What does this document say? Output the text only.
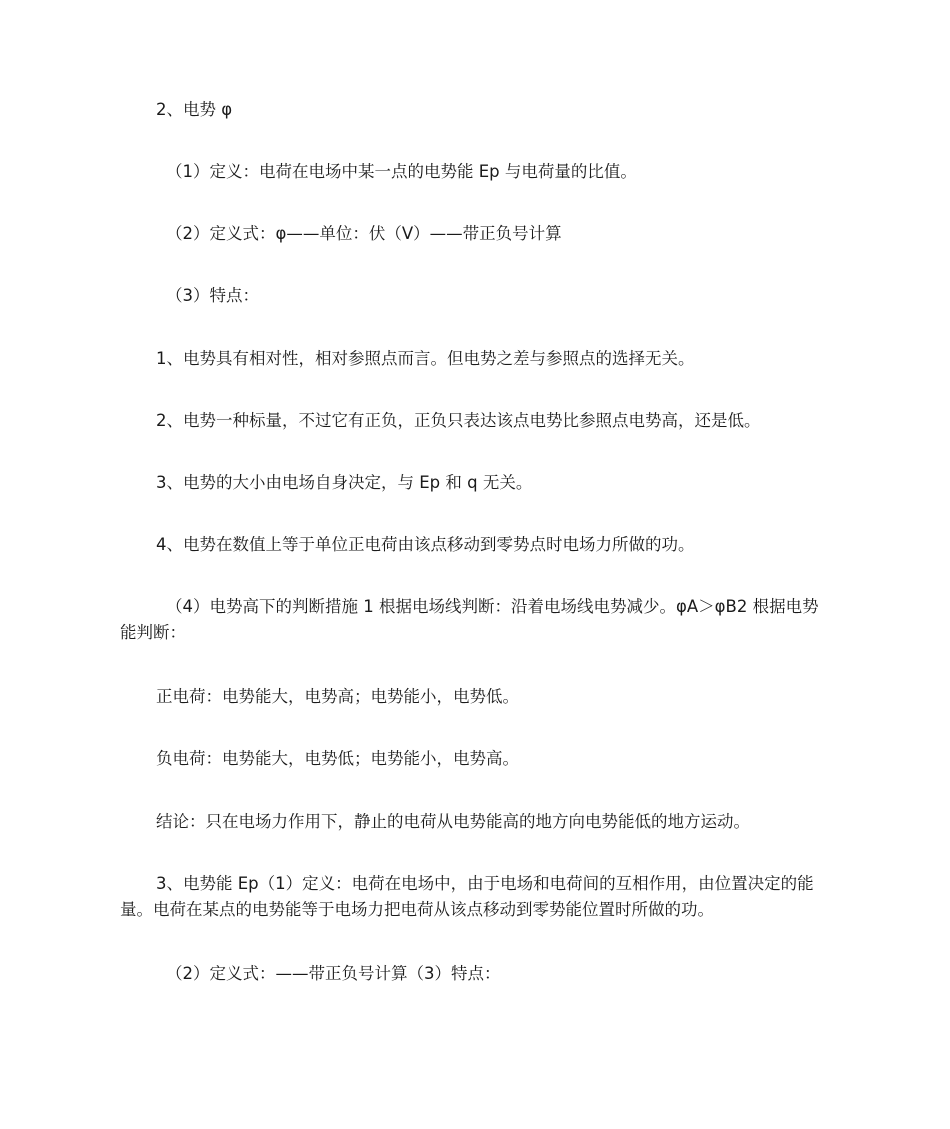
2、电势 φ

（1）定义：电荷在电场中某一点的电势能 Ep 与电荷量的比值。

（2）定义式：φ——单位：伏（V）——带正负号计算

（3）特点：

1、电势具有相对性，相对参照点而言。但电势之差与参照点的选择无关。

2、电势一种标量，不过它有正负，正负只表达该点电势比参照点电势高，还是低。

3、电势的大小由电场自身决定，与 Ep 和 q 无关。

4、电势在数值上等于单位正电荷由该点移动到零势点时电场力所做的功。

（4）电势高下的判断措施 1 根据电场线判断：沿着电场线电势减少。φA＞φB2 根据电势能判断：

正电荷：电势能大，电势高；电势能小，电势低。

负电荷：电势能大，电势低；电势能小，电势高。

结论：只在电场力作用下，静止的电荷从电势能高的地方向电势能低的地方运动。

3、电势能 Ep（1）定义：电荷在电场中，由于电场和电荷间的互相作用，由位置决定的能量。电荷在某点的电势能等于电场力把电荷从该点移动到零势能位置时所做的功。

（2）定义式：——带正负号计算（3）特点：
